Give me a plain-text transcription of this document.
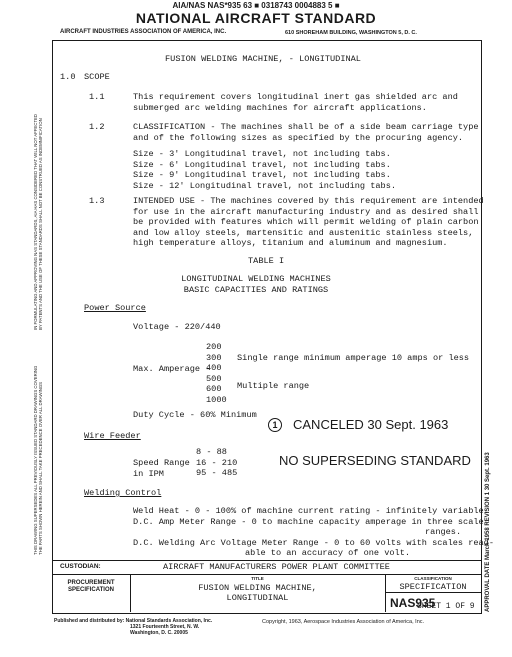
AIA/NAS NAS*935 63 ■ 0318743 0004883 5 ■
NATIONAL AIRCRAFT STANDARD
AIRCRAFT INDUSTRIES ASSOCIATION OF AMERICA, INC.	610 SHOREHAM BUILDING, WASHINGTON 5, D. C.
IN FORMULATING AND APPROVING NAS STANDARDS, AIA HAS CONSIDERED THAT WILL NOT AFFECTED BY PATENTS AND THE USE OF THESE STANDARDS SHALL NOT BE CONSTRUED AS INDEMNIFICATION
THIS DRAWING SUPERSEDES ALL PREVIOUSLY ISSUED STANDARD DRAWINGS COVERING THE PARTS SHOWN HEREIN AND SHALL TAKE PRECEDENCE OVER ALL DRAWINGS	APPROVAL DATE March 1958 REVISION 1 30 Sept. 1963
FUSION WELDING MACHINE, - LONGITUDINAL
1.0 SCOPE
1.1	This requirement covers longitudinal inert gas shielded arc and
submerged arc welding machines for aircraft applications.
1.2	CLASSIFICATION - The machines shall be of a side beam carriage type
and of the following sizes as specified by the procuring agency.
Size - 3' Longitudinal travel, not including tabs.
Size - 6' Longitudinal travel, not including tabs.
Size - 9' Longitudinal travel, not including tabs.
Size - 12' Longitudinal travel, not including tabs.
1.3	INTENDED USE - The machines covered by this requirement are intended
for use in the aircraft manufacturing industry and as desired shall
be provided with features which will permit welding of plain carbon
and low alloy steels, martensitic and austenitic stainless steels,
high temperature alloys, titanium and aluminum and magnesium.
TABLE I
LONGITUDINAL WELDING MACHINES
BASIC CAPACITIES AND RATINGS
Power Source
Voltage - 220/440
200
300
400
500
600
1000
Max. Amperage -
Single range minimum amperage 10 amps or less
Multiple range
Duty Cycle - 60% Minimum
1	CANCELED 30 Sept. 1963
Wire Feeder
8 - 88
16 - 210
95 - 485
Speed Range
in IPM
NO SUPERSEDING STANDARD
Welding Control
Weld Heat - 0 - 100% of machine current rating - infinitely variable.
D.C. Amp Meter Range - 0 to machine capacity amperage in three scale
ranges.
D.C. Welding Arc Voltage Meter Range - 0 to 60 volts with scales read-
able to an accuracy of one volt.
CUSTODIAN:	AIRCRAFT MANUFACTURERS POWER PLANT COMMITTEE
PROCUREMENT
SPECIFICATION
TITLE
FUSION WELDING MACHINE,
LONGITUDINAL
CLASSIFICATION
SPECIFICATION
NAS935
SHEET 1 OF 9
Published and distributed by: National Standards Association, Inc.
1321 Fourteenth Street, N. W.
Washington, D. C. 20005
Copyright, 1963, Aerospace Industries Association of America, Inc.
